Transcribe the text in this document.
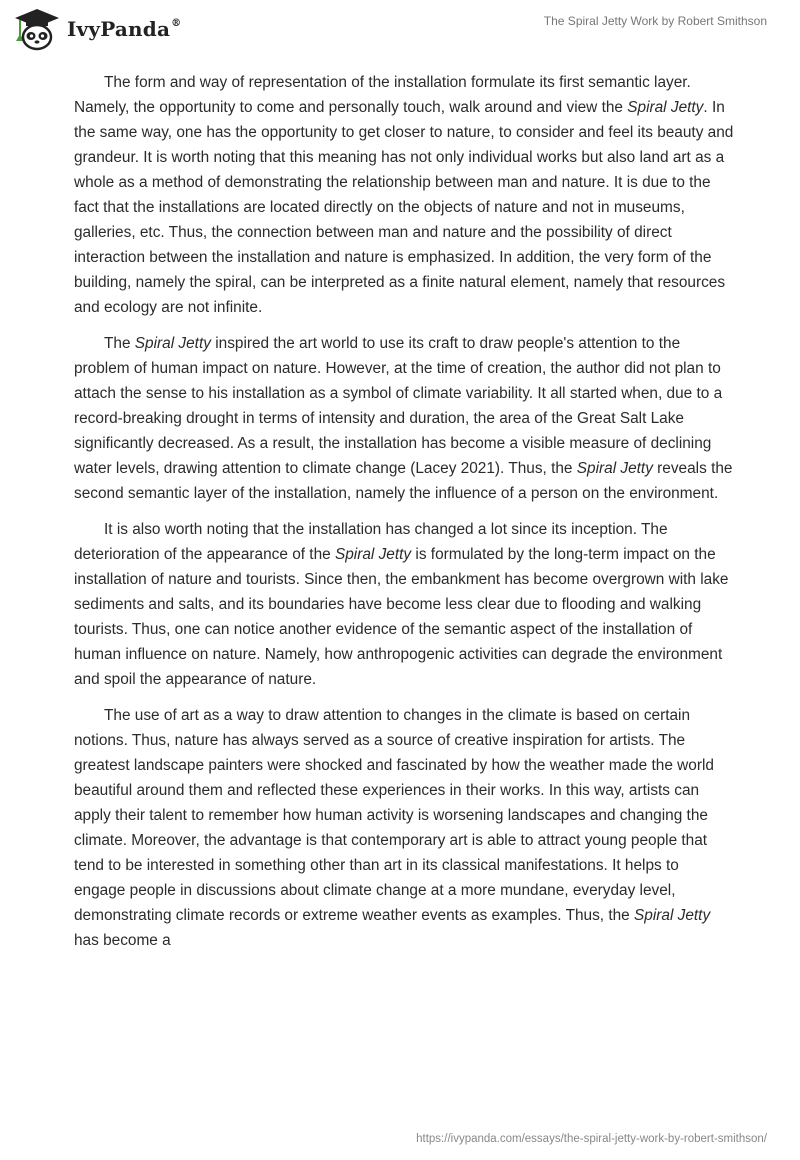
IvyPanda®	The Spiral Jetty Work by Robert Smithson

The form and way of representation of the installation formulate its first semantic layer. Namely, the opportunity to come and personally touch, walk around and view the Spiral Jetty. In the same way, one has the opportunity to get closer to nature, to consider and feel its beauty and grandeur. It is worth noting that this meaning has not only individual works but also land art as a whole as a method of demonstrating the relationship between man and nature. It is due to the fact that the installations are located directly on the objects of nature and not in museums, galleries, etc. Thus, the connection between man and nature and the possibility of direct interaction between the installation and nature is emphasized. In addition, the very form of the building, namely the spiral, can be interpreted as a finite natural element, namely that resources and ecology are not infinite.

The Spiral Jetty inspired the art world to use its craft to draw people's attention to the problem of human impact on nature. However, at the time of creation, the author did not plan to attach the sense to his installation as a symbol of climate variability. It all started when, due to a record-breaking drought in terms of intensity and duration, the area of the Great Salt Lake significantly decreased. As a result, the installation has become a visible measure of declining water levels, drawing attention to climate change (Lacey 2021). Thus, the Spiral Jetty reveals the second semantic layer of the installation, namely the influence of a person on the environment.

It is also worth noting that the installation has changed a lot since its inception. The deterioration of the appearance of the Spiral Jetty is formulated by the long-term impact on the installation of nature and tourists. Since then, the embankment has become overgrown with lake sediments and salts, and its boundaries have become less clear due to flooding and walking tourists. Thus, one can notice another evidence of the semantic aspect of the installation of human influence on nature. Namely, how anthropogenic activities can degrade the environment and spoil the appearance of nature.

The use of art as a way to draw attention to changes in the climate is based on certain notions. Thus, nature has always served as a source of creative inspiration for artists. The greatest landscape painters were shocked and fascinated by how the weather made the world beautiful around them and reflected these experiences in their works. In this way, artists can apply their talent to remember how human activity is worsening landscapes and changing the climate. Moreover, the advantage is that contemporary art is able to attract young people that tend to be interested in something other than art in its classical manifestations. It helps to engage people in discussions about climate change at a more mundane, everyday level, demonstrating climate records or extreme weather events as examples. Thus, the Spiral Jetty has become a

https://ivypanda.com/essays/the-spiral-jetty-work-by-robert-smithson/
